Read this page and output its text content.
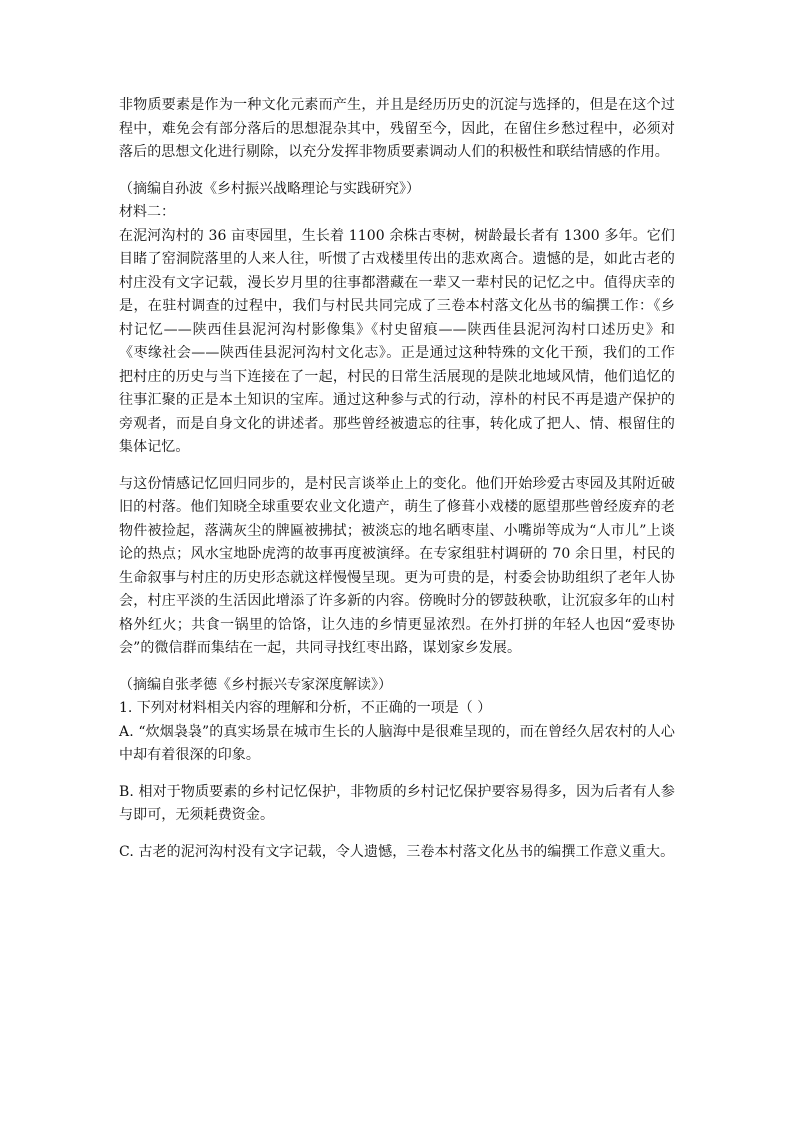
非物质要素是作为一种文化元素而产生，并且是经历历史的沉淀与选择的，但是在这个过程中，难免会有部分落后的思想混杂其中，残留至今，因此，在留住乡愁过程中，必须对落后的思想文化进行剔除，以充分发挥非物质要素调动人们的积极性和联结情感的作用。

（摘编自孙波《乡村振兴战略理论与实践研究》）

材料二：

在泥河沟村的 36 亩枣园里，生长着 1100 余株古枣树，树龄最长者有 1300 多年。它们目睹了窑洞院落里的人来人往，听惯了古戏楼里传出的悲欢离合。遗憾的是，如此古老的村庄没有文字记载，漫长岁月里的往事都潜藏在一辈又一辈村民的记忆之中。值得庆幸的是，在驻村调查的过程中，我们与村民共同完成了三卷本村落文化丛书的编撰工作：《乡村记忆——陕西佳县泥河沟村影像集》《村史留痕——陕西佳县泥河沟村口述历史》和《枣缘社会——陕西佳县泥河沟村文化志》。正是通过这种特殊的文化干预，我们的工作把村庄的历史与当下连接在了一起，村民的日常生活展现的是陕北地域风情，他们追忆的往事汇聚的正是本土知识的宝库。通过这种参与式的行动，淳朴的村民不再是遗产保护的旁观者，而是自身文化的讲述者。那些曾经被遗忘的往事，转化成了把人、情、根留住的集体记忆。

与这份情感记忆回归同步的，是村民言谈举止上的变化。他们开始珍爱古枣园及其附近破旧的村落。他们知晓全球重要农业文化遗产，萌生了修葺小戏楼的愿望那些曾经废弃的老物件被捡起，落满灰尘的牌匾被拂拭；被淡忘的地名晒枣崖、小嘴峁等成为“人市儿”上谈论的热点；风水宝地卧虎湾的故事再度被演绎。在专家组驻村调研的 70 余日里，村民的生命叙事与村庄的历史形态就这样慢慢呈现。更为可贵的是，村委会协助组织了老年人协会，村庄平淡的生活因此增添了许多新的内容。傍晚时分的锣鼓秧歌，让沉寂多年的山村格外红火；共食一锅里的饸饹，让久违的乡情更显浓烈。在外打拼的年轻人也因“爱枣协会”的微信群而集结在一起，共同寻找红枣出路，谋划家乡发展。

（摘编自张孝德《乡村振兴专家深度解读》）

1. 下列对材料相关内容的理解和分析，不正确的一项是（ ）

A. “炊烟袅袅”的真实场景在城市生长的人脑海中是很难呈现的，而在曾经久居农村的人心中却有着很深的印象。

B. 相对于物质要素的乡村记忆保护，非物质的乡村记忆保护要容易得多，因为后者有人参与即可，无须耗费资金。

C. 古老的泥河沟村没有文字记载，令人遗憾，三卷本村落文化丛书的编撰工作意义重大。
